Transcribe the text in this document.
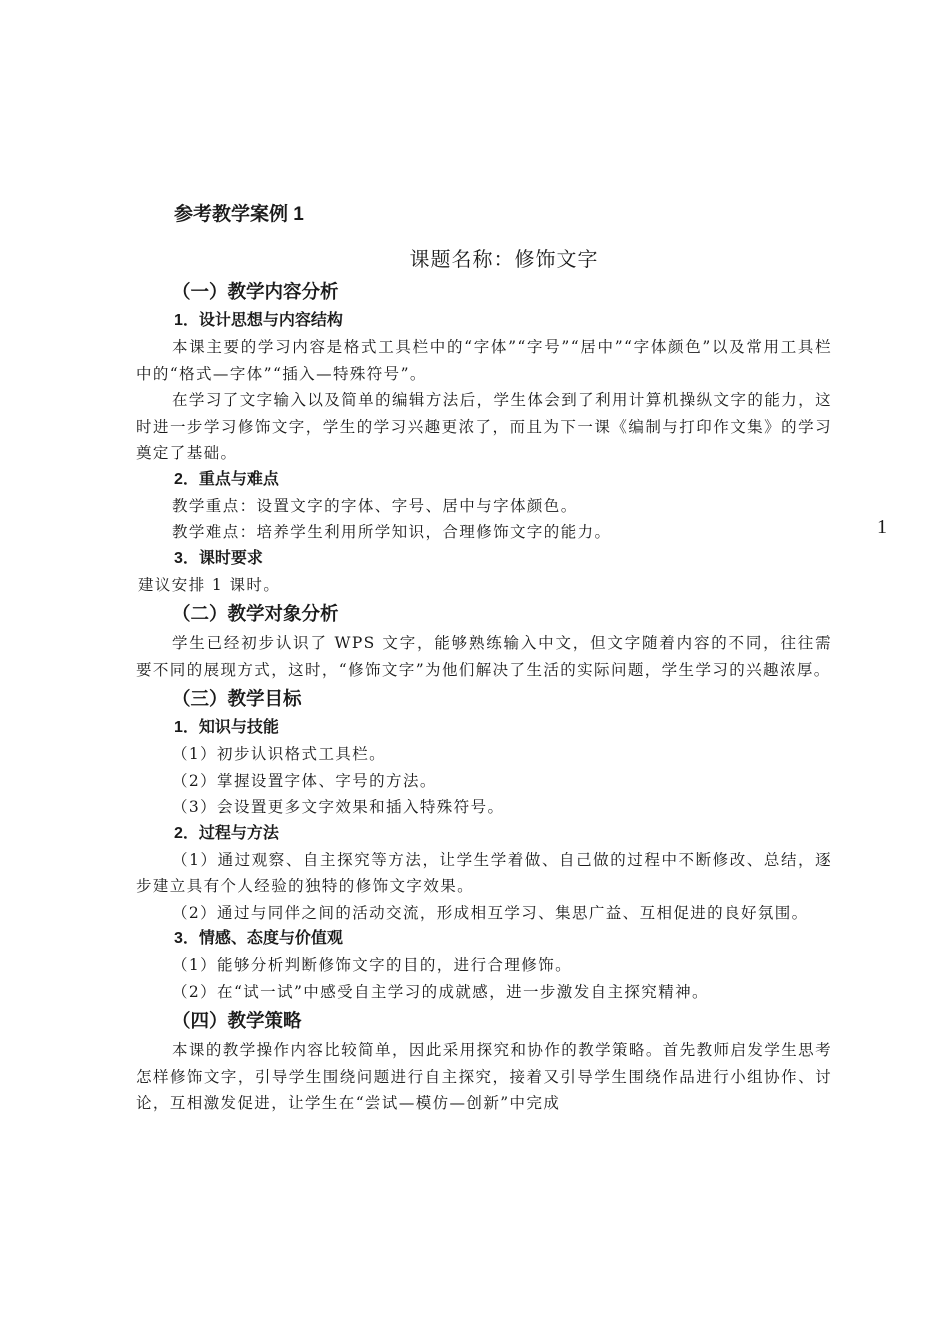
参考教学案例 1
课题名称：修饰文字
（一）教学内容分析
1．设计思想与内容结构

本课主要的学习内容是格式工具栏中的“字体”“字号”“居中”“字体颜色”以及常用工具栏中的“格式—字体”“插入—特殊符号”。

在学习了文字输入以及简单的编辑方法后，学生体会到了利用计算机操纵文字的能力，这时进一步学习修饰文字，学生的学习兴趣更浓了，而且为下一课《编制与打印作文集》的学习奠定了基础。

2．重点与难点

教学重点：设置文字的字体、字号、居中与字体颜色。

教学难点：培养学生利用所学知识，合理修饰文字的能力。

3．课时要求

建议安排 1 课时。

（二）教学对象分析

学生已经初步认识了 WPS 文字，能够熟练输入中文，但文字随着内容的不同，往往需要不同的展现方式，这时，“修饰文字”为他们解决了生活的实际问题，学生学习的兴趣浓厚。

（三）教学目标
1．知识与技能

（1）初步认识格式工具栏。

（2）掌握设置字体、字号的方法。

（3）会设置更多文字效果和插入特殊符号。

2．过程与方法

（1）通过观察、自主探究等方法，让学生学着做、自己做的过程中不断修改、总结，逐步建立具有个人经验的独特的修饰文字效果。

（2）通过与同伴之间的活动交流，形成相互学习、集思广益、互相促进的良好氛围。

3．情感、态度与价值观

（1）能够分析判断修饰文字的目的，进行合理修饰。

（2）在“试一试”中感受自主学习的成就感，进一步激发自主探究精神。

（四）教学策略

本课的教学操作内容比较简单，因此采用探究和协作的教学策略。首先教师启发学生思考怎样修饰文字，引导学生围绕问题进行自主探究，接着又引导学生围绕作品进行小组协作、讨论，互相激发促进，让学生在“尝试—模仿—创新”中完成

1
